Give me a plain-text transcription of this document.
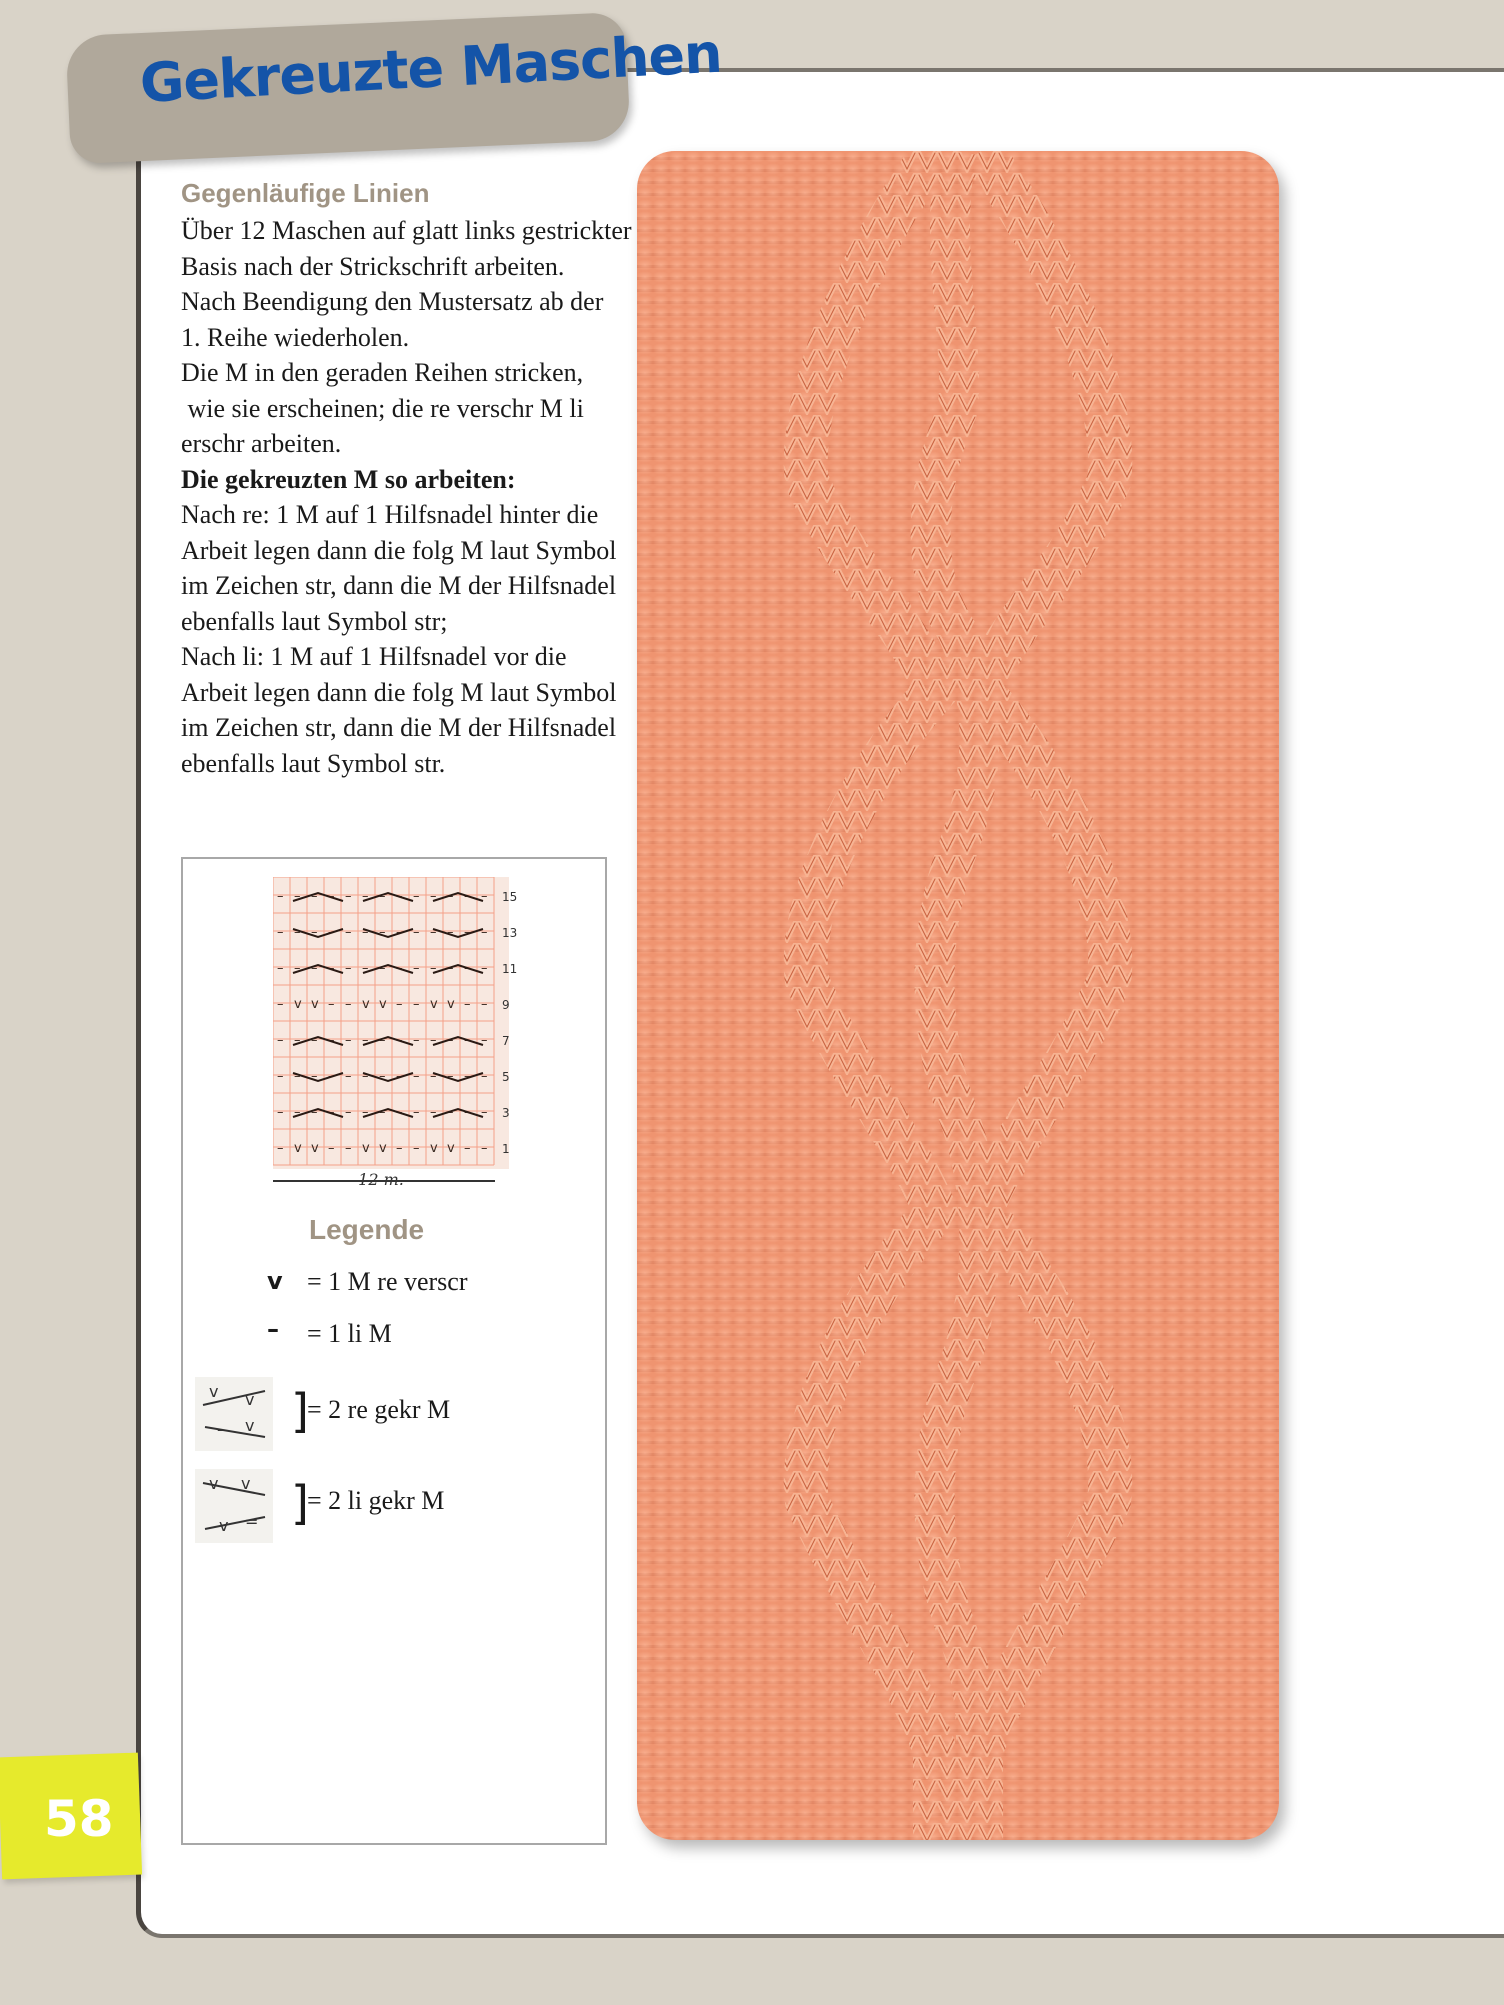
Gekreuzte Maschen
58
Gegenläufige Linien
Über 12 Maschen auf glatt links gestrickter
Basis nach der Strickschrift arbeiten.
Nach Beendigung den Mustersatz ab der
1. Reihe wiederholen.
Die M in den geraden Reihen stricken,
wie sie erscheinen; die re verschr M li
erschr arbeiten.
Die gekreuzten M so arbeiten:
Nach re: 1 M auf 1 Hilfsnadel hinter die
Arbeit legen dann die folg M laut Symbol
im Zeichen str, dann die M der Hilfsnadel
ebenfalls laut Symbol str;
Nach li: 1 M auf 1 Hilfsnadel vor die
Arbeit legen dann die folg M laut Symbol
im Zeichen str, dann die M der Hilfsnadel
ebenfalls laut Symbol str.
– – – – – – – – – – – – –
– – – – – – – – – – – – –
– – – – – – – – – – – – –
– v v – – v v – – v v – –
– – – – – – – – – – – – –
– – – – – – – – – – – – –
– – – – – – – – – – – – –
– v v – – v v – – v v – –
15
13
11
9
7
5
3
1
12 m.
Legende
v = 1 M re verscr
– = 1 li M
v v
– v ]
= 2 re gekr M
v v
v = ]
= 2 li gekr M
